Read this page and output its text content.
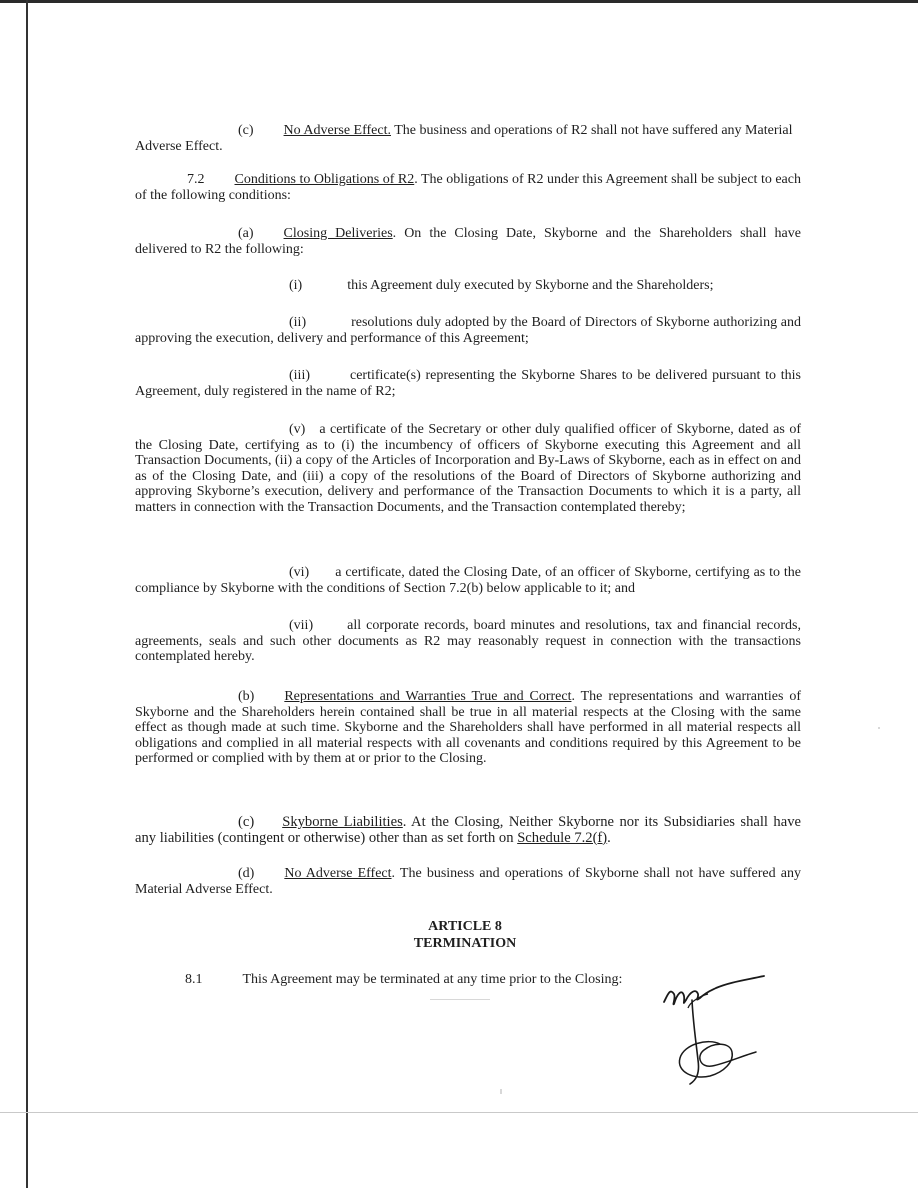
(c) No Adverse Effect. The business and operations of R2 shall not have suffered any Material Adverse Effect.

7.2 Conditions to Obligations of R2. The obligations of R2 under this Agreement shall be subject to each of the following conditions:

(a) Closing Deliveries. On the Closing Date, Skyborne and the Shareholders shall have delivered to R2 the following:

(i)	this Agreement duly executed by Skyborne and the Shareholders;

(ii)	resolutions duly adopted by the Board of Directors of Skyborne authorizing and approving the execution, delivery and performance of this Agreement;

(iii)	certificate(s) representing the Skyborne Shares to be delivered pursuant to this Agreement, duly registered in the name of R2;

(v) a certificate of the Secretary or other duly qualified officer of Skyborne, dated as of the Closing Date, certifying as to (i) the incumbency of officers of Skyborne executing this Agreement and all Transaction Documents, (ii) a copy of the Articles of Incorporation and By-Laws of Skyborne, each as in effect on and as of the Closing Date, and (iii) a copy of the resolutions of the Board of Directors of Skyborne authorizing and approving Skyborne’s execution, delivery and performance of the Transaction Documents to which it is a party, all matters in connection with the Transaction Documents, and the Transaction contemplated thereby;

(vi) a certificate, dated the Closing Date, of an officer of Skyborne, certifying as to the compliance by Skyborne with the conditions of Section 7.2(b) below applicable to it; and

(vii) all corporate records, board minutes and resolutions, tax and financial records, agreements, seals and such other documents as R2 may reasonably request in connection with the transactions contemplated hereby.

(b) Representations and Warranties True and Correct. The representations and warranties of Skyborne and the Shareholders herein contained shall be true in all material respects at the Closing with the same effect as though made at such time. Skyborne and the Shareholders shall have performed in all material respects all obligations and complied in all material respects with all covenants and conditions required by this Agreement to be performed or complied with by them at or prior to the Closing.

(c) Skyborne Liabilities. At the Closing, Neither Skyborne nor its Subsidiaries shall have any liabilities (contingent or otherwise) other than as set forth on Schedule 7.2(f).

(d) No Adverse Effect. The business and operations of Skyborne shall not have suffered any Material Adverse Effect.

ARTICLE 8
TERMINATION

8.1	This Agreement may be terminated at any time prior to the Closing:
